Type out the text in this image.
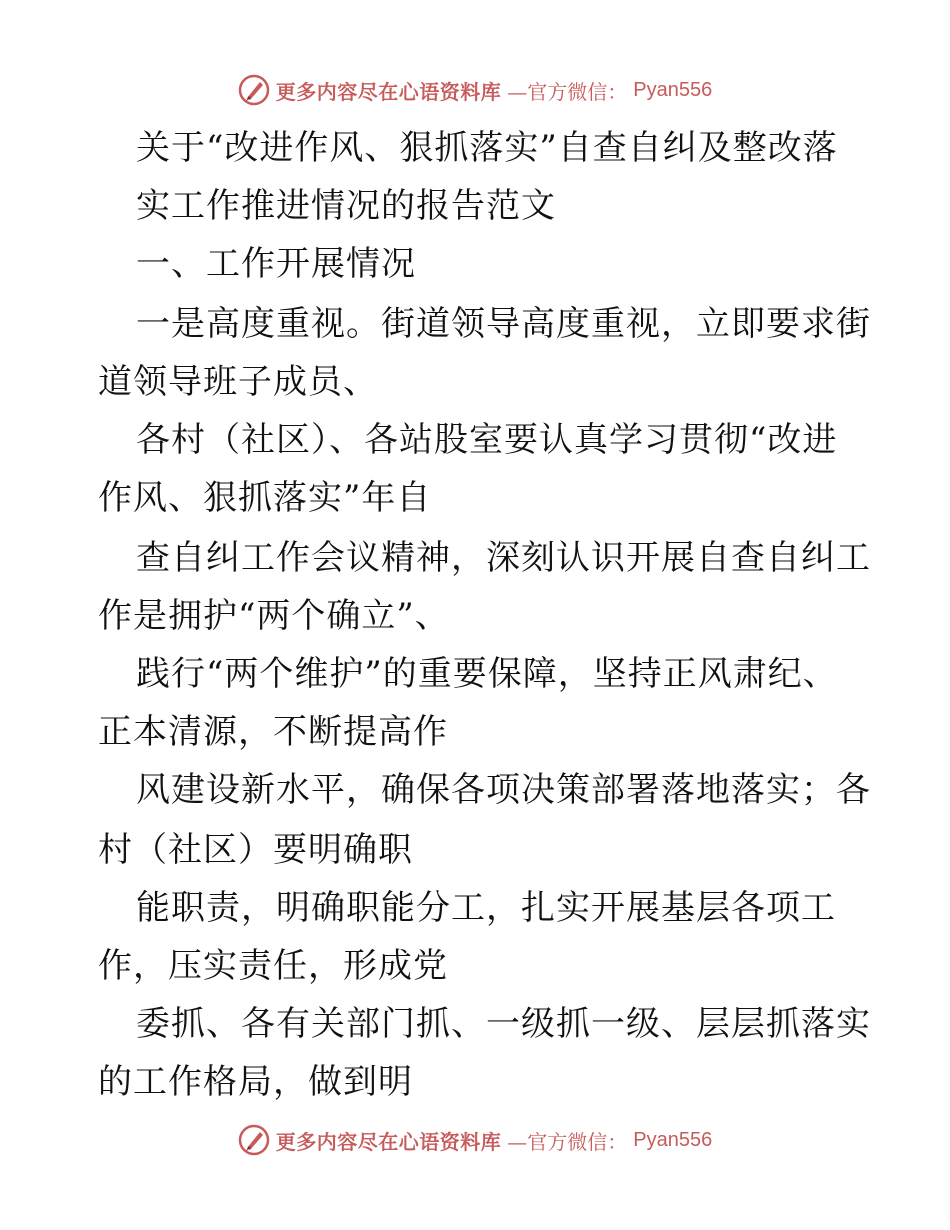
更多内容尽在心语资料库 —官方微信： Pyan556
关于“改进作风、狠抓落实”自查自纠及整改落
实工作推进情况的报告范文
一、工作开展情况
一是高度重视。街道领导高度重视，立即要求街
道领导班子成员、
各村（社区）、各站股室要认真学习贯彻“改进
作风、狠抓落实”年自
查自纠工作会议精神，深刻认识开展自查自纠工
作是拥护“两个确立”、
践行“两个维护”的重要保障，坚持正风肃纪、
正本清源，不断提高作
风建设新水平，确保各项决策部署落地落实；各
村（社区）要明确职
能职责，明确职能分工，扎实开展基层各项工
作，压实责任，形成党
委抓、各有关部门抓、一级抓一级、层层抓落实
的工作格局，做到明
更多内容尽在心语资料库 —官方微信： Pyan556
